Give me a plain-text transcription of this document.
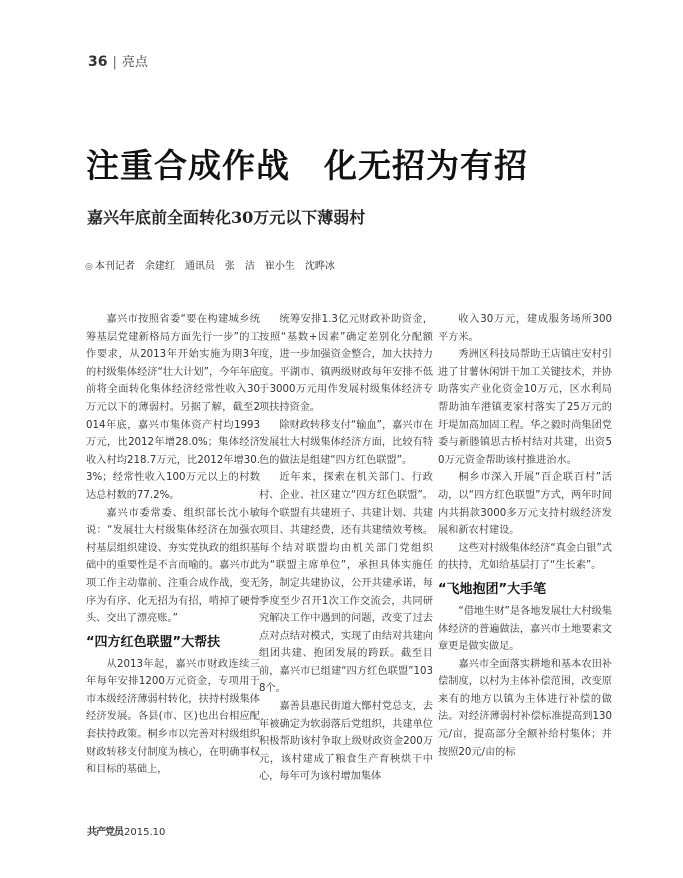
36 | 亮点
注重合成作战　化无招为有招
嘉兴年底前全面转化30万元以下薄弱村
◎ 本刊记者　余建红　通讯员　张　洁　崔小生　沈晔冰

嘉兴市按照省委“要在构建城乡统筹基层党建新格局方面先行一步”的工作要求，从2013年开始实施为期3年的村级集体经济“壮大计划”，今年年底前将全面转化集体经济经常性收入30万元以下的薄弱村。另据了解，截至2014年底，嘉兴市集体资产村均1993万元，比2012年增28.0%；集体经济收入村均218.7万元，比2012年增30.3%；经常性收入100万元以上的村数达总村数的77.2%。

嘉兴市委常委、组织部长沈小敏说：“发展壮大村级集体经济在加强农村基层组织建设、夯实党执政的组织基础中的重要性是不言而喻的。嘉兴市此项工作主动靠前、注重合成作战，变无序为有序、化无招为有招，啃掉了硬骨头、交出了漂亮账。”

“四方红色联盟”大帮扶

从2013年起，嘉兴市财政连续三年每年安排1200万元资金，专项用于市本级经济薄弱村转化，扶持村级集体经济发展。各县(市、区)也出台相应配套扶持政策。桐乡市以完善对村级组织财政转移支付制度为核心，在明确事权和目标的基础上，

统筹安排1.3亿元财政补助资金，按照“基数+因素”确定差别化分配额度，进一步加强资金整合，加大扶持力度。平湖市、镇两级财政每年安排不低于3000万元用作发展村级集体经济专项扶持资金。

除财政转移支付“输血”，嘉兴市在发展壮大村级集体经济方面，比较有特色的做法是组建“四方红色联盟”。

近年来，探索在机关部门、行政村、企业、社区建立“四方红色联盟”。每个联盟有共建班子、共建计划、共建项目、共建经费，还有共建绩效考核。每个结对联盟均由机关部门党组织为“联盟主席单位”，承担具体实施任务，制定共建协议，公开共建承诺，每季度至少召开1次工作交流会，共同研究解决工作中遇到的问题，改变了过去点对点结对模式，实现了由结对共建向组团共建、抱团发展的跨跃。截至目前，嘉兴市已组建“四方红色联盟”1038个。

嘉善县惠民街道大鄫村党总支，去年被确定为软弱落后党组织，共建单位积极帮助该村争取上级财政资金200万元，该村建成了粮食生产育秧烘干中心，每年可为该村增加集体

收入30万元，建成服务场所300平方米。

秀洲区科技局帮助王店镇庄安村引进了甘薯休闲饼干加工关键技术，并协助落实产业化资金10万元，区水利局帮助油车港镇麦家村落实了25万元的圩堤加高加固工程。华之毅时尚集团党委与新塍镇思古桥村结对共建，出资50万元资金帮助该村推进治水。

桐乡市深入开展“百企联百村”活动，以“四方红色联盟”方式，两年时间内共捐款3000多万元支持村级经济发展和新农村建设。

这些对村级集体经济“真金白银”式的扶持，尤如给基层打了“生长素”。

“飞地抱团”大手笔

“借地生财”是各地发展壮大村级集体经济的普遍做法，嘉兴市土地要素文章更是做实做足。

嘉兴市全面落实耕地和基本农田补偿制度，以村为主体补偿范围，改变原来有的地方以镇为主体进行补偿的做法。对经济薄弱村补偿标准提高到130元/亩，提高部分全额补给村集体；并按照20元/亩的标

共产党员2015.10
